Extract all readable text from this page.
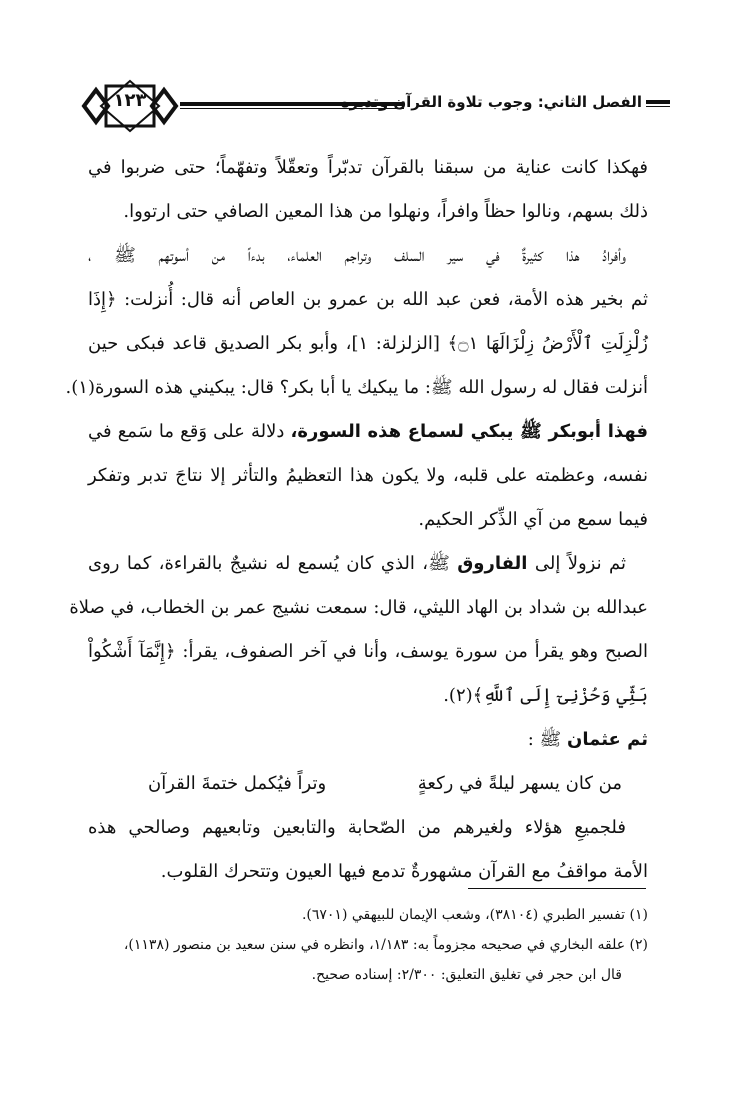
١٢٣	الفصل الثاني: وجوب تلاوة القرآن وتدبره
فهكذا كانت عناية من سبقنا بالقرآن تدبّراً وتعقّلاً وتفهّماً؛ حتى ضربوا في
ذلك بسهم، ونالوا حظاً وافراً، ونهلوا من هذا المعين الصافي حتى ارتووا.
وأفرادُ هذا كثيرةٌ في سير السلف وتراجم العلماء، بدءاً من أسوتهم ﷺ ،
ثم بخير هذه الأمة، فعن عبد الله بن عمرو بن العاص أنه قال: أُنزلت: ﴿إِذَا
زُلْزِلَتِ ٱلْأَرْضُ زِلْزَالَهَا ۝١﴾ [الزلزلة: ١]، وأبو بكر الصديق قاعد فبكى حين
أنزلت فقال له رسول الله ﷺ: ما يبكيك يا أبا بكر؟ قال: يبكيني هذه السورة(١).
فهذا أبوبكر ﷺ يبكي لسماع هذه السورة، دلالة على وَقع ما سَمع في
نفسه، وعظمته على قلبه، ولا يكون هذا التعظيمُ والتأثر إلا نتاجَ تدبر وتفكر
فيما سمع من آي الذِّكر الحكيم.
ثم نزولاً إلى الفاروق ﷺ، الذي كان يُسمع له نشيجٌ بالقراءة، كما روى
عبدالله بن شداد بن الهاد الليثي، قال: سمعت نشيج عمر بن الخطاب، في صلاة
الصبح وهو يقرأ من سورة يوسف، وأنا في آخر الصفوف، يقرأ: ﴿إِنَّمَآ أَشْكُواْ
بَثِّي وَحُزْنِىٓ إِلَى ٱللَّهِ﴾(٢).
ثم عثمان ﷺ :
من كان يسهر ليلةً في ركعةٍ
وتراً فيُكمل ختمةَ القرآن
فلجميعِ هؤلاء ولغيرهم من الصّحابة والتابعين وتابعيهم وصالحي هذه
الأمة مواقفُ مع القرآن مشهورةٌ تدمع فيها العيون وتتحرك القلوب.
(١) تفسير الطبري (٣٨١٠٤)، وشعب الإيمان للبيهقي (٦٧٠١).
(٢) علقه البخاري في صحيحه مجزوماً به: ١/١٨٣، وانظره في سنن سعيد بن منصور (١١٣٨)،
قال ابن حجر في تغليق التعليق: ٢/٣٠٠: إسناده صحيح.
